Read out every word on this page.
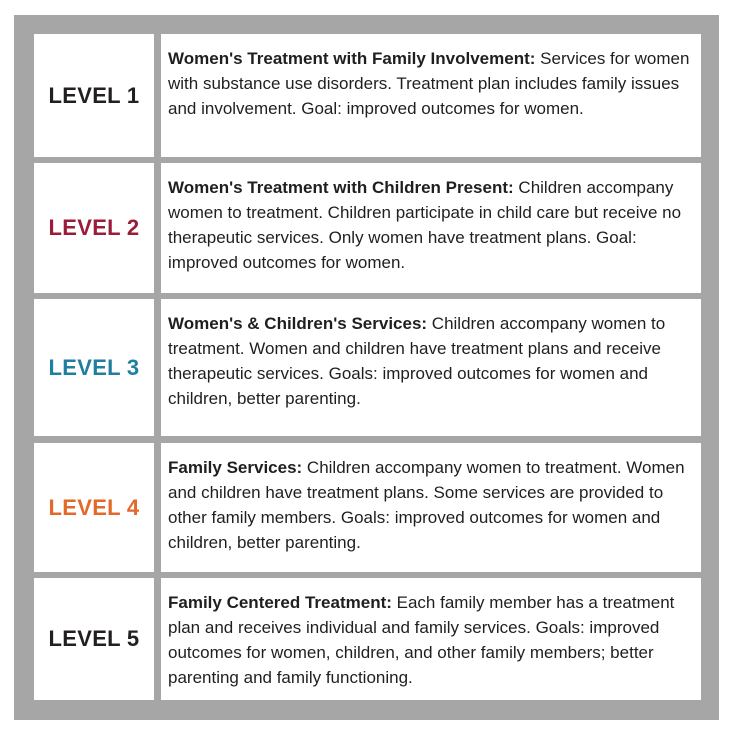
LEVEL 1
Women's Treatment with Family Involvement: Services for women with substance use disorders. Treatment plan includes family issues and involvement. Goal: improved outcomes for women.
LEVEL 2
Women's Treatment with Children Present: Children accompany women to treatment. Children participate in child care but receive no therapeutic services. Only women have treatment plans. Goal: improved outcomes for women.
LEVEL 3
Women's & Children's Services: Children accompany women to treatment. Women and children have treatment plans and receive therapeutic services. Goals: improved outcomes for women and children, better parenting.
LEVEL 4
Family Services: Children accompany women to treatment. Women and children have treatment plans. Some services are provided to other family members. Goals: improved outcomes for women and children, better parenting.
LEVEL 5
Family Centered Treatment: Each family member has a treatment plan and receives individual and family services. Goals: improved outcomes for women, children, and other family members; better parenting and family functioning.
